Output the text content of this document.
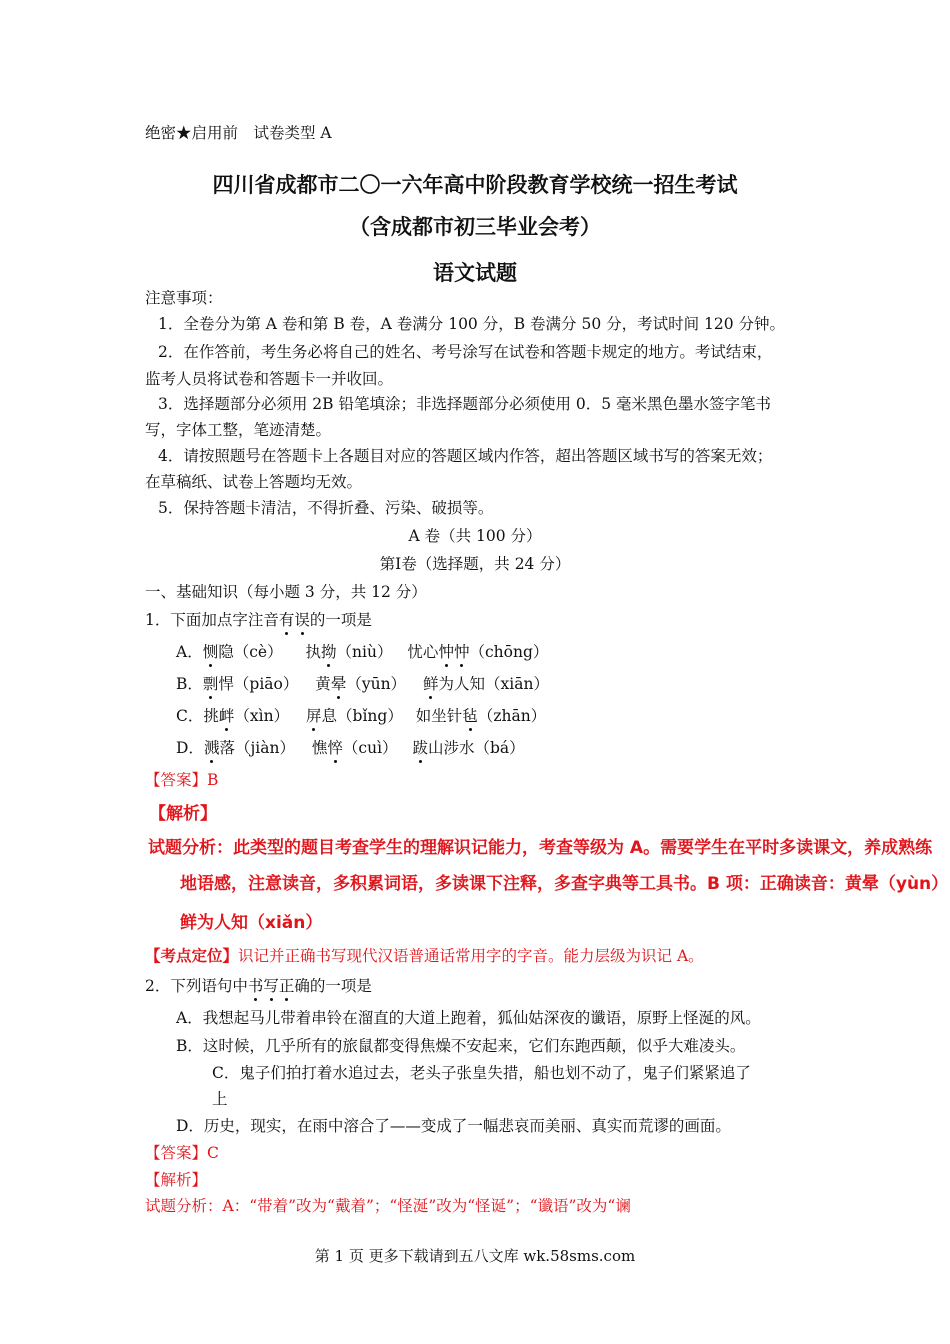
绝密★启用前　试卷类型 A
四川省成都市二〇一六年高中阶段教育学校统一招生考试
（含成都市初三毕业会考）
语文试题
注意事项：
1．全卷分为第 A 卷和第 B 卷，A 卷满分 100 分，B 卷满分 50 分，考试时间 120 分钟。
2．在作答前，考生务必将自己的姓名、考号涂写在试卷和答题卡规定的地方。考试结束，
监考人员将试卷和答题卡一并收回。
3．选择题部分必须用 2B 铅笔填涂；非选择题部分必须使用 0．5 毫米黑色墨水签字笔书
写，字体工整，笔迹清楚。
4．请按照题号在答题卡上各题目对应的答题区域内作答，超出答题区域书写的答案无效；
在草稿纸、试卷上答题均无效。
5．保持答题卡清洁，不得折叠、污染、破损等。
A 卷（共 100 分）
第Ⅰ卷（选择题，共 24 分）
一、基础知识（每小题 3 分，共 12 分）
1．下面加点字注音有误的一项是
A．恻隐（cè） 执拗（niù） 忧心忡忡（chōng）
B．剽悍（piāo） 黄晕（yūn） 鲜为人知（xiān）
C．挑衅（xìn） 屏息（bǐng） 如坐针毡（zhān）
D．溅落（jiàn） 憔悴（cuì） 跋山涉水（bá）
【答案】B
【解析】
试题分析：此类型的题目考查学生的理解识记能力，考查等级为 A。需要学生在平时多读课文，养成熟练
地语感，注意读音，多积累词语，多读课下注释，多查字典等工具书。B 项：正确读音：黄晕（yùn）
鲜为人知（xiǎn）
【考点定位】识记并正确书写现代汉语普通话常用字的字音。能力层级为识记 A。
2．下列语句中书写正确的一项是
A．我想起马儿带着串铃在溜直的大道上跑着，狐仙姑深夜的谶语，原野上怪涎的风。
B．这时候，几乎所有的旅鼠都变得焦燥不安起来，它们东跑西颠，似乎大难凌头。
C．鬼子们拍打着水追过去，老头子张皇失措，船也划不动了，鬼子们紧紧追了
上
D．历史，现实，在雨中溶合了——变成了一幅悲哀而美丽、真实而荒谬的画面。
【答案】C
【解析】
试题分析：A：“带着”改为“戴着”；“怪涎”改为“怪诞”；“谶语”改为“谰
第 1 页 更多下载请到五八文库 wk.58sms.com
